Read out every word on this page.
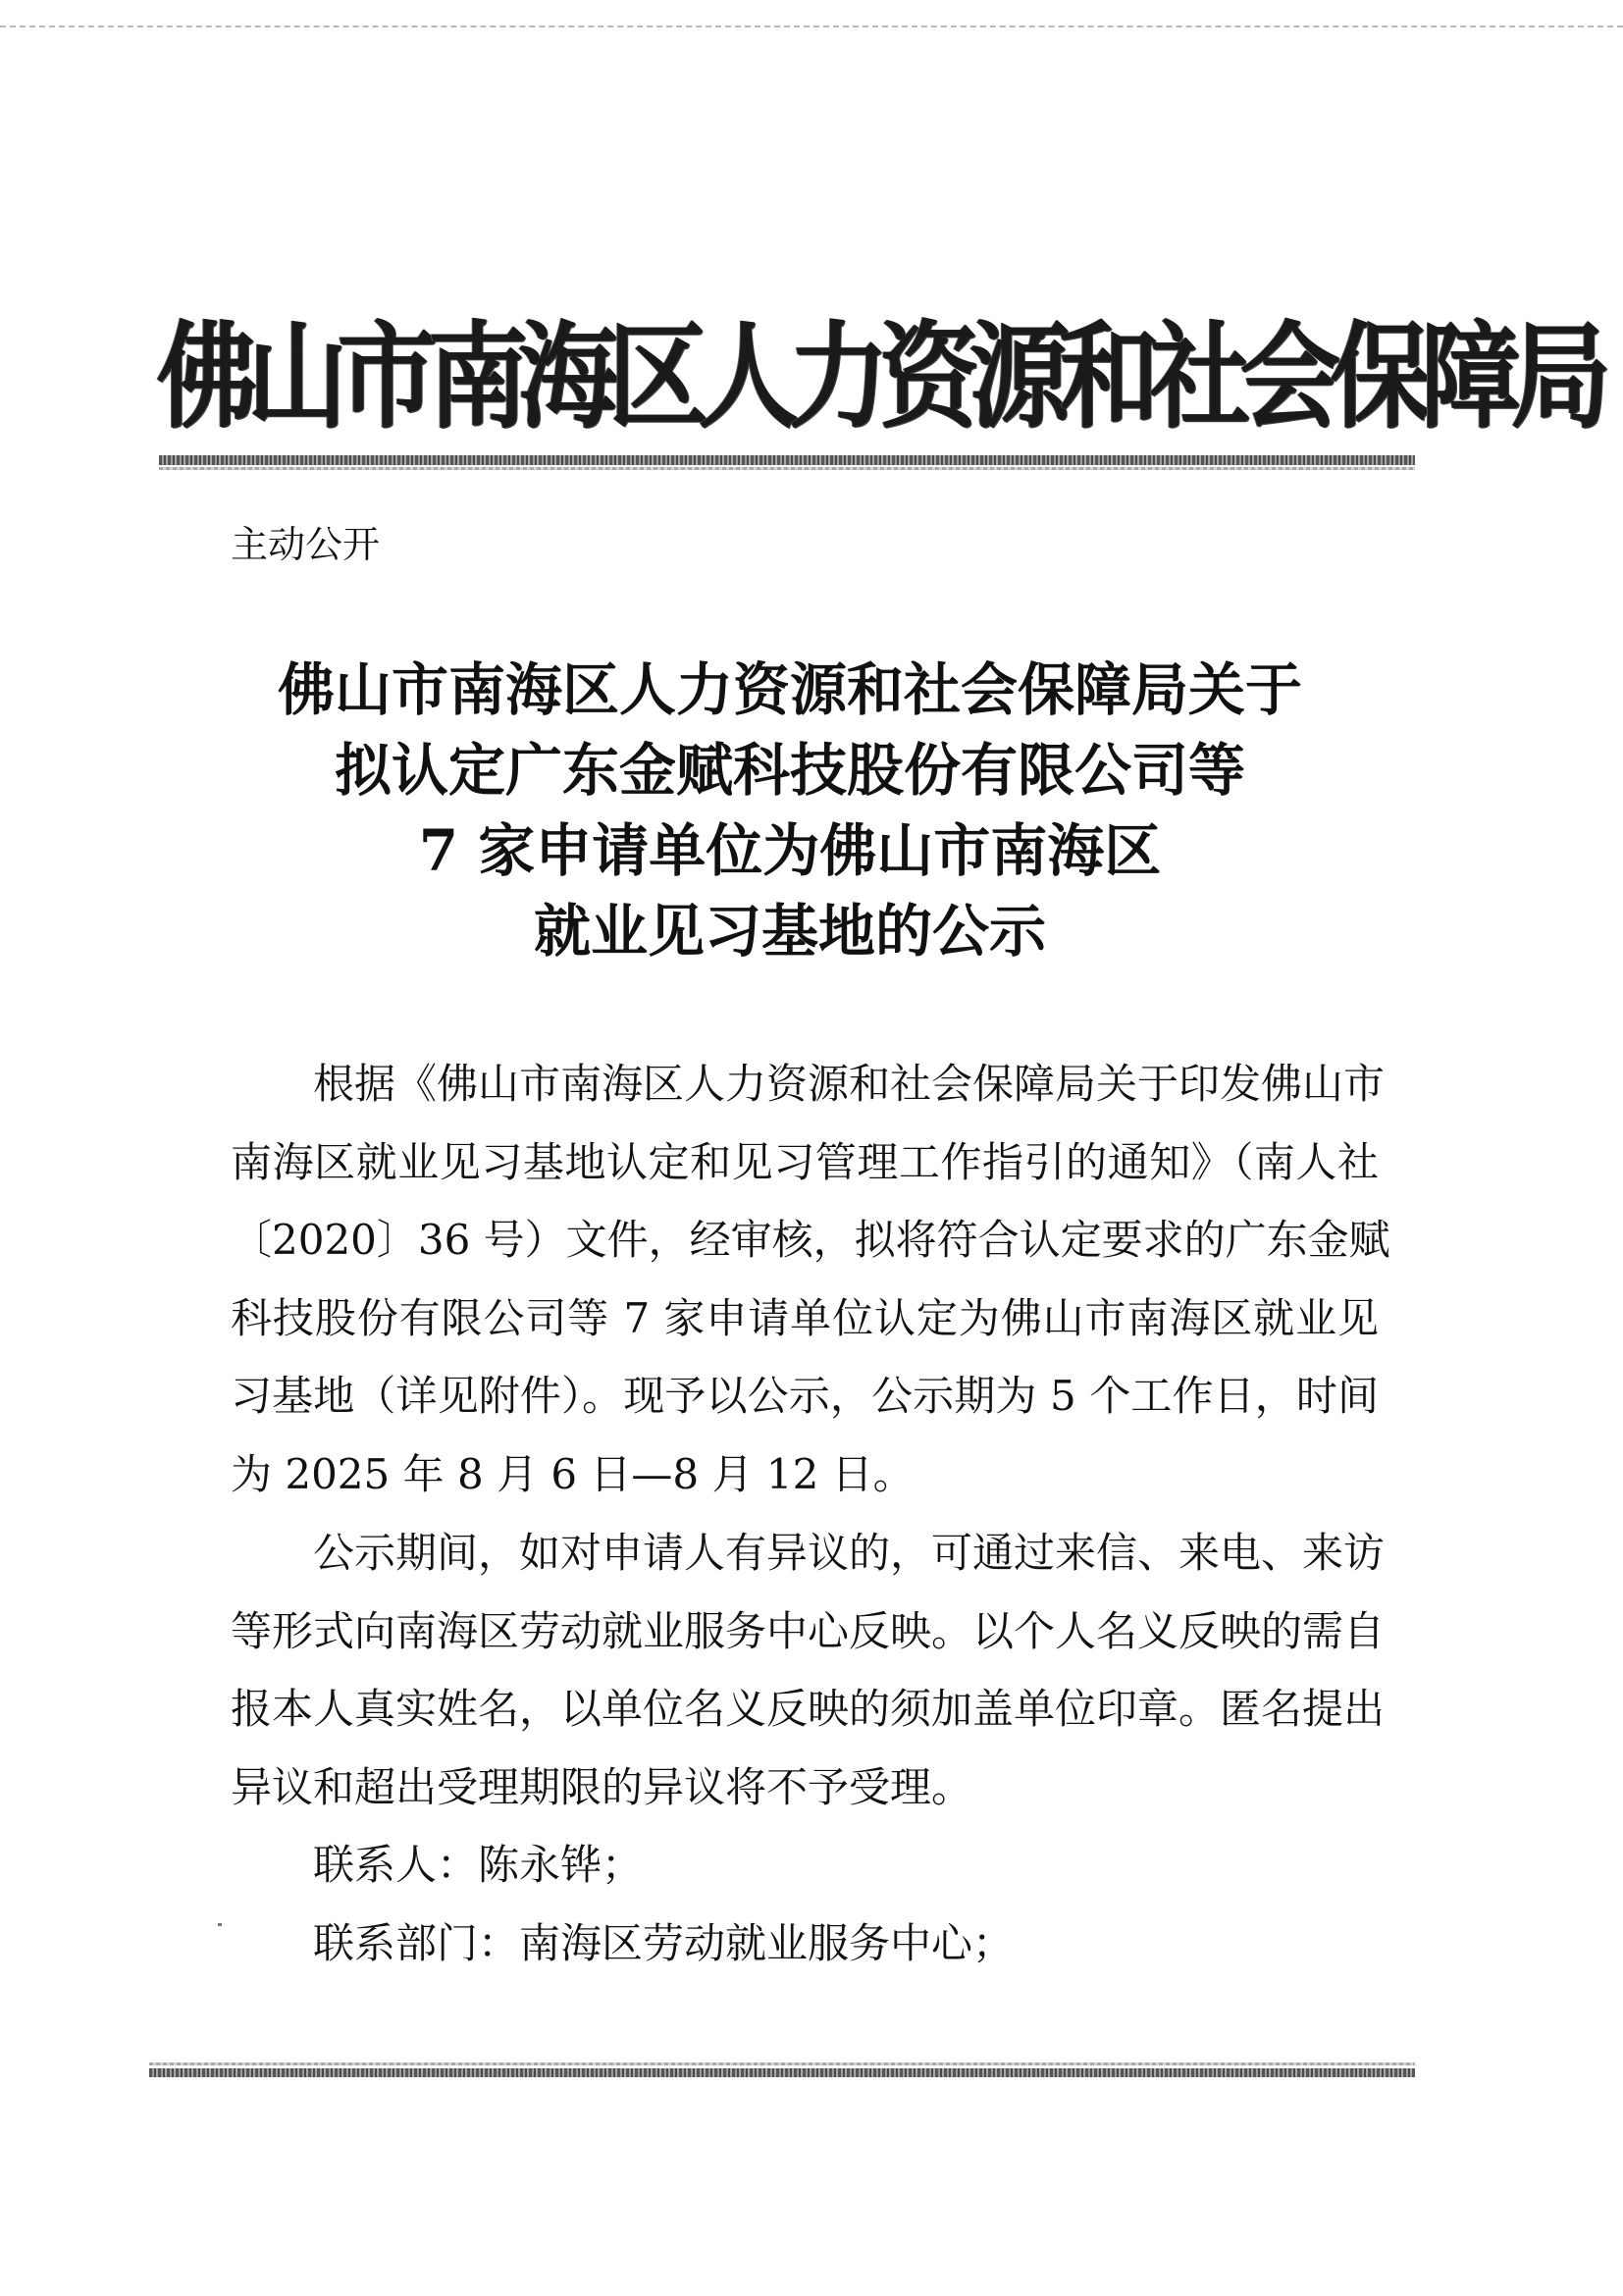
佛
山
市
南
海
区
人
力
资
源
和
社
会
保
障
局
主动公开
佛山市南海区人力资源和社会保障局关于
拟认定广东金赋科技股份有限公司等
7 家申请单位为佛山市南海区
就业见习基地的公示
根据《佛山市南海区人力资源和社会保障局关于印发佛山市
南海区就业见习基地认定和见习管理工作指引的通知》（南人社
〔2020〕36 号）文件，经审核，拟将符合认定要求的广东金赋
科技股份有限公司等 7 家申请单位认定为佛山市南海区就业见
习基地（详见附件）。现予以公示，公示期为 5 个工作日，时间
为 2025 年 8 月 6 日—8 月 12 日。
公示期间，如对申请人有异议的，可通过来信、来电、来访
等形式向南海区劳动就业服务中心反映。以个人名义反映的需自
报本人真实姓名，以单位名义反映的须加盖单位印章。匿名提出
异议和超出受理期限的异议将不予受理。
联系人：陈永铧；
联系部门：南海区劳动就业服务中心；
